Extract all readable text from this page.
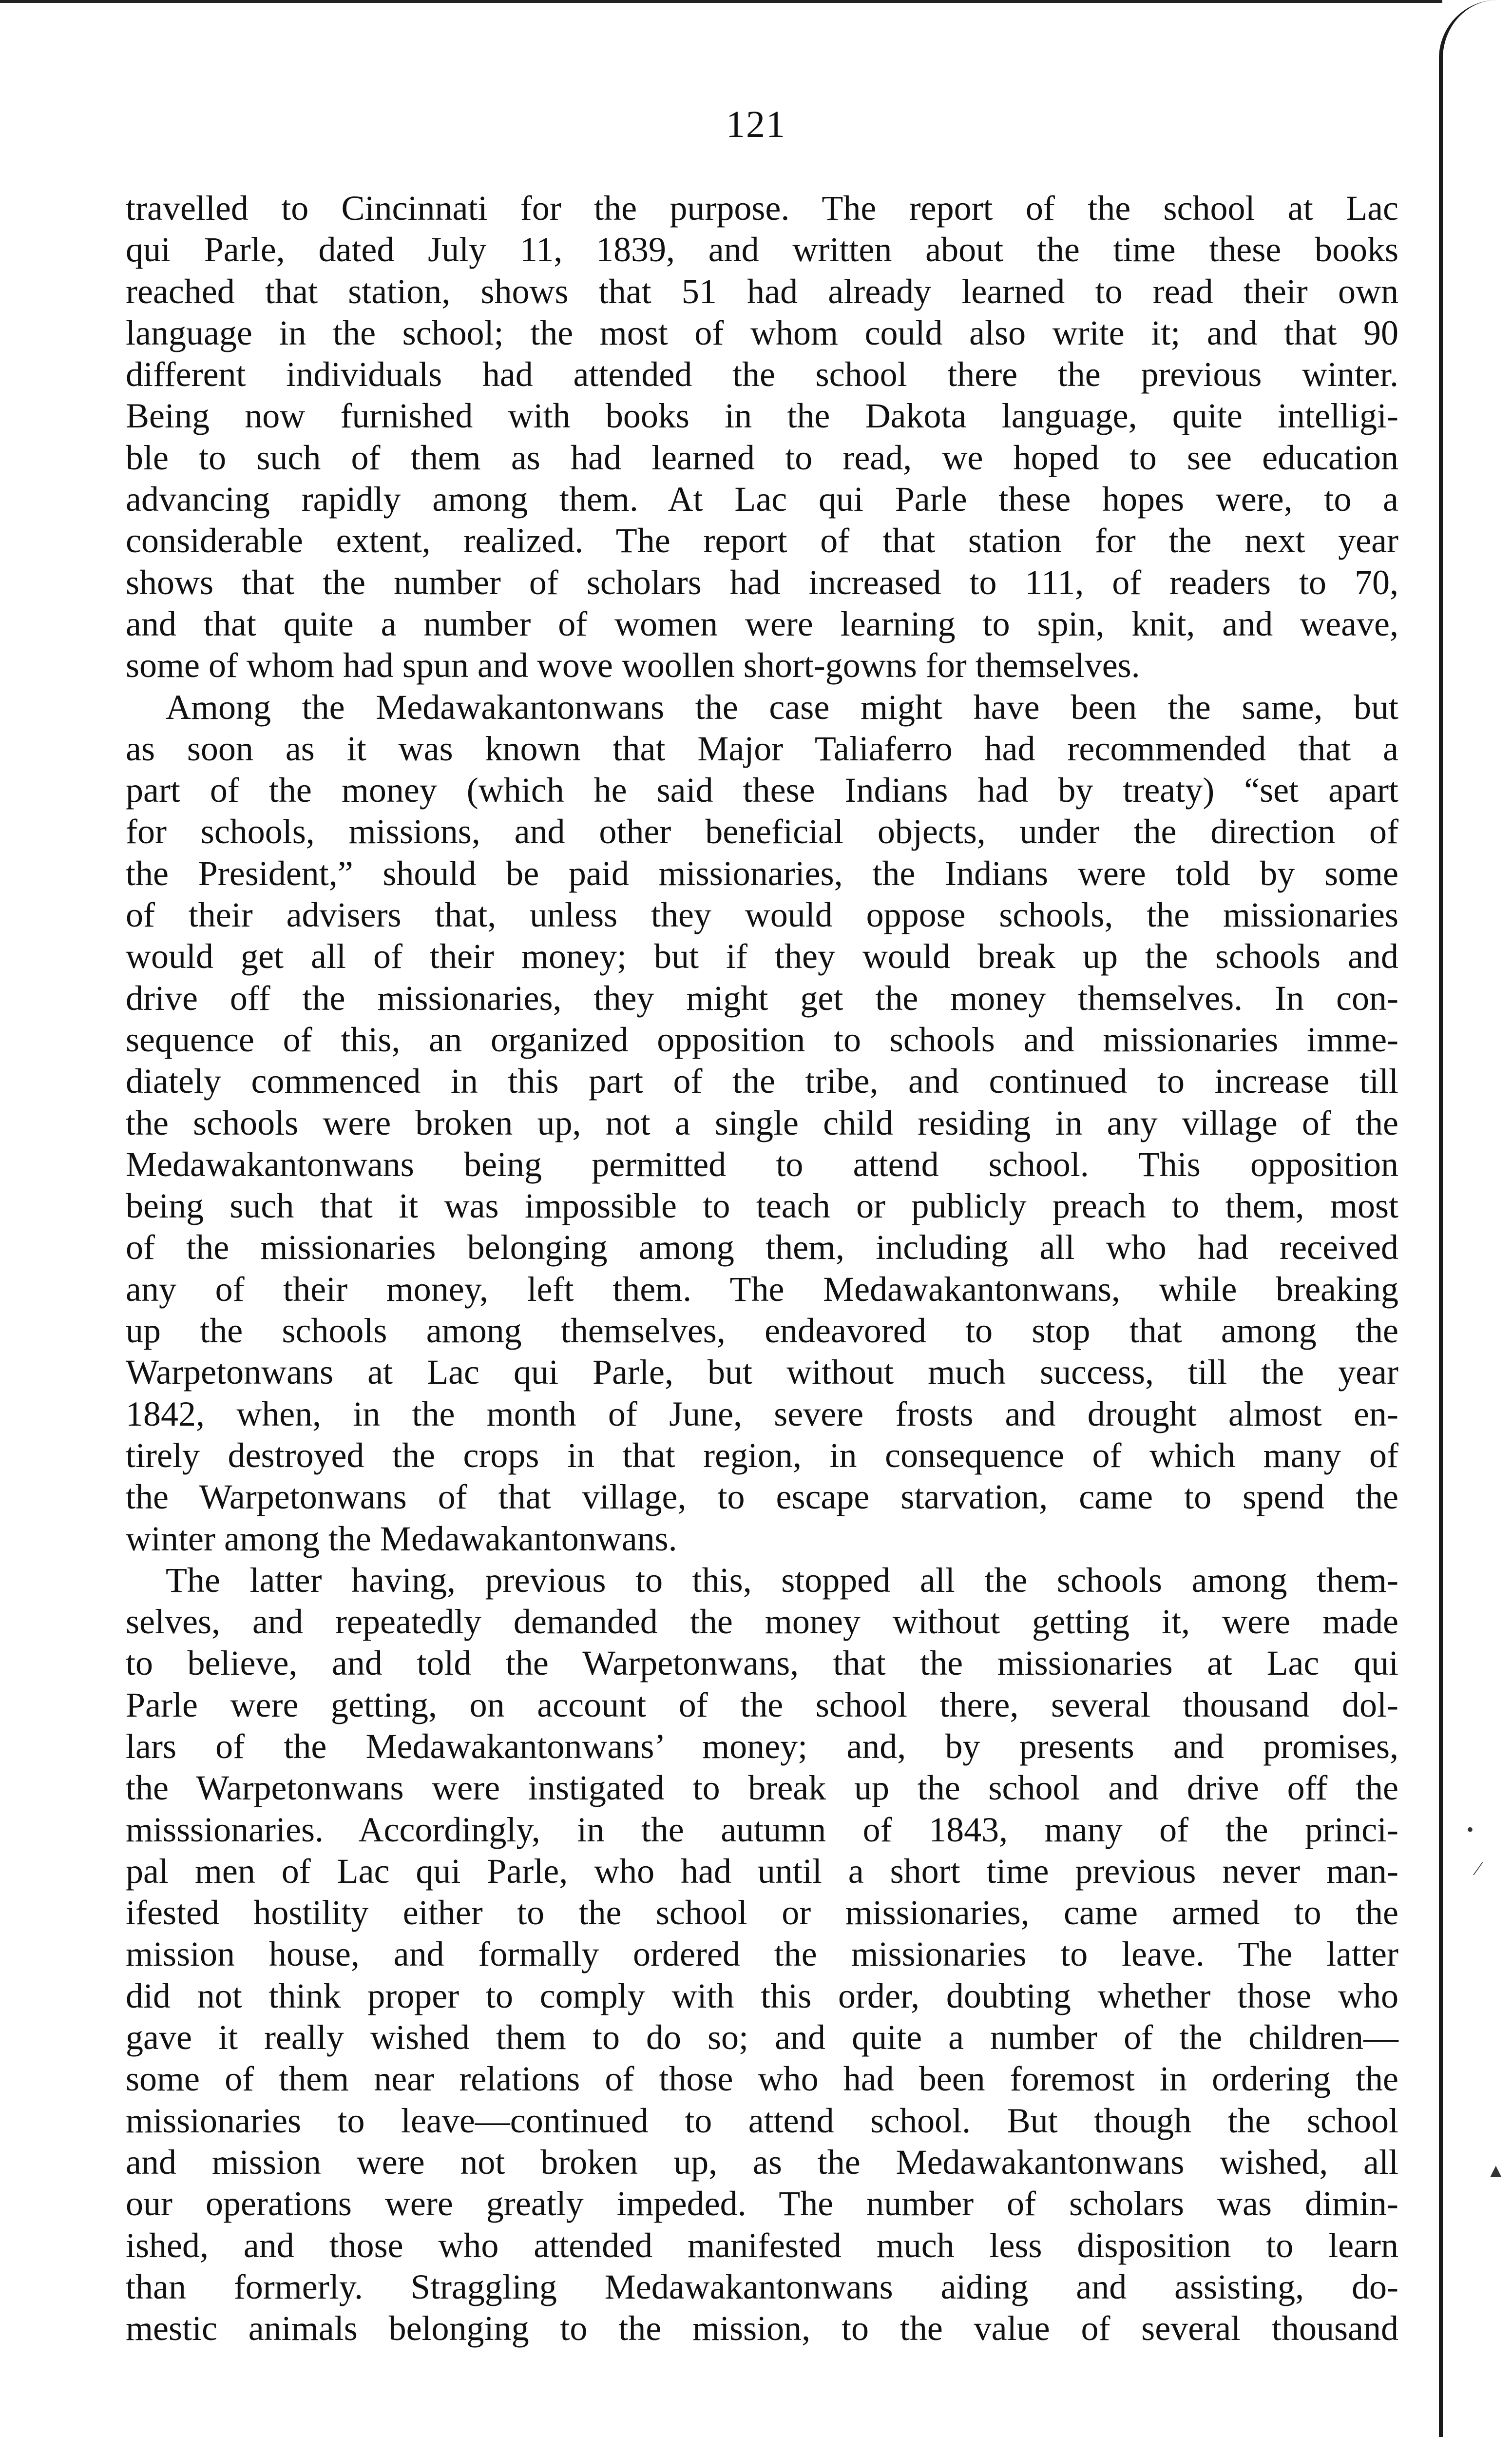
121
travelled to Cincinnati for the purpose. The report of the school at Lac
qui Parle, dated July 11, 1839, and written about the time these books
reached that station, shows that 51 had already learned to read their own
language in the school; the most of whom could also write it; and that 90
different individuals had attended the school there the previous winter.
Being now furnished with books in the Dakota language, quite intelligi-
ble to such of them as had learned to read, we hoped to see education
advancing rapidly among them. At Lac qui Parle these hopes were, to a
considerable extent, realized. The report of that station for the next year
shows that the number of scholars had increased to 111, of readers to 70,
and that quite a number of women were learning to spin, knit, and weave,
some of whom had spun and wove woollen short-gowns for themselves.
Among the Medawakantonwans the case might have been the same, but
as soon as it was known that Major Taliaferro had recommended that a
part of the money (which he said these Indians had by treaty) “set apart
for schools, missions, and other beneficial objects, under the direction of
the President,” should be paid missionaries, the Indians were told by some
of their advisers that, unless they would oppose schools, the missionaries
would get all of their money; but if they would break up the schools and
drive off the missionaries, they might get the money themselves. In con-
sequence of this, an organized opposition to schools and missionaries imme-
diately commenced in this part of the tribe, and continued to increase till
the schools were broken up, not a single child residing in any village of the
Medawakantonwans being permitted to attend school. This opposition
being such that it was impossible to teach or publicly preach to them, most
of the missionaries belonging among them, including all who had received
any of their money, left them. The Medawakantonwans, while breaking
up the schools among themselves, endeavored to stop that among the
Warpetonwans at Lac qui Parle, but without much success, till the year
1842, when, in the month of June, severe frosts and drought almost en-
tirely destroyed the crops in that region, in consequence of which many of
the Warpetonwans of that village, to escape starvation, came to spend the
winter among the Medawakantonwans.
The latter having, previous to this, stopped all the schools among them-
selves, and repeatedly demanded the money without getting it, were made
to believe, and told the Warpetonwans, that the missionaries at Lac qui
Parle were getting, on account of the school there, several thousand dol-
lars of the Medawakantonwans’ money; and, by presents and promises,
the Warpetonwans were instigated to break up the school and drive off the
misssionaries. Accordingly, in the autumn of 1843, many of the princi-
pal men of Lac qui Parle, who had until a short time previous never man-
ifested hostility either to the school or missionaries, came armed to the
mission house, and formally ordered the missionaries to leave. The latter
did not think proper to comply with this order, doubting whether those who
gave it really wished them to do so; and quite a number of the children—
some of them near relations of those who had been foremost in ordering the
missionaries to leave—continued to attend school. But though the school
and mission were not broken up, as the Medawakantonwans wished, all
our operations were greatly impeded. The number of scholars was dimin-
ished, and those who attended manifested much less disposition to learn
than formerly. Straggling Medawakantonwans aiding and assisting, do-
mestic animals belonging to the mission, to the value of several thousand
•
⁄
▲
